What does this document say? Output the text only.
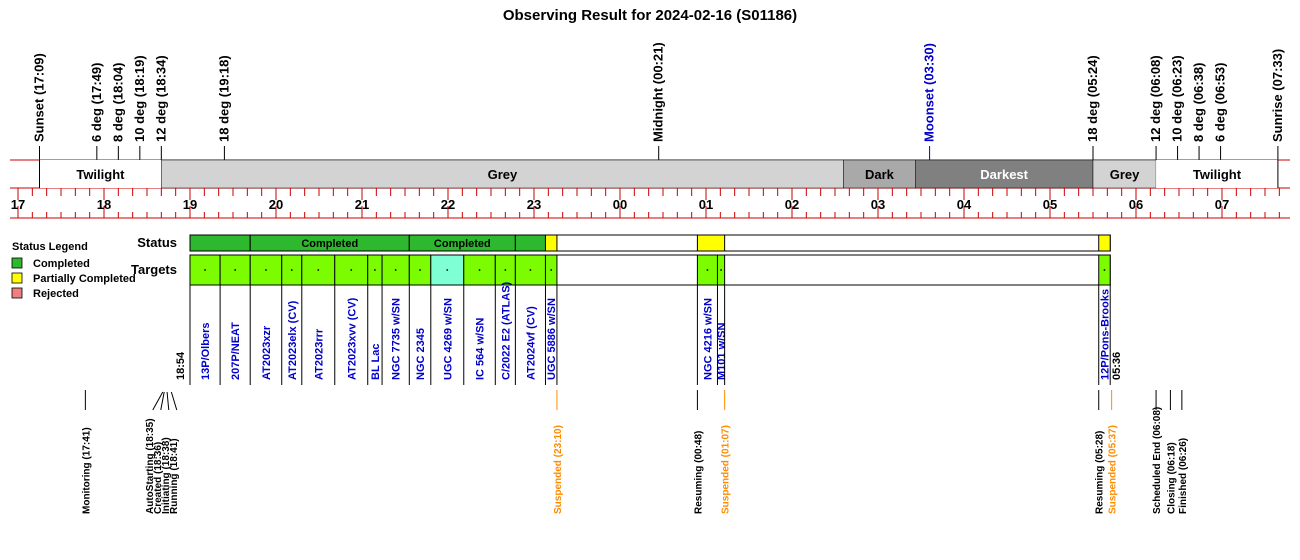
Observing Result for 2024-02-16 (S01186)
Sunset (17:09)	6 deg (17:49) 8 deg (18:04) 10 deg (18:19) 12 deg (18:34)	18 deg (19:18)	Midnight (00:21)	Moonset (03:30)	18 deg (05:24)	12 deg (06:08) 10 deg (06:23) 8 deg (06:38) 6 deg (06:53)	Sunrise (07:33)
Twilight	Grey	Dark	Darkest	Grey	Twilight
17	18	19	20	21	22	23	00	01	02	03	04	05	06	07
Status Legend
Completed
Partially Completed
Rejected
Status
Targets
Completed	Completed
13P/Olbers 207P/NEAT AT2023xzr AT2023elx (CV) AT2023rrr AT2023xvv (CV) BL Lac NGC 7735 w/SN NGC 2345 UGC 4269 w/SN IC 564 w/SN C/2022 E2 (ATLAS) AT2024vf (CV) UGC 5886 w/SN	NGC 4216 w/SN M101 w/SN	12P/Pons-Brooks
18:54	05:36
Monitoring (17:41)	AutoStarting (18:35)
Created (18:36)
Initiating (18:38)
Running (18:41)	Suspended (23:10)	Resuming (00:48) Suspended (01:07)	Resuming (05:28) Suspended (05:37)	Scheduled End (06:08) Closing (06:18) Finished (06:26)
